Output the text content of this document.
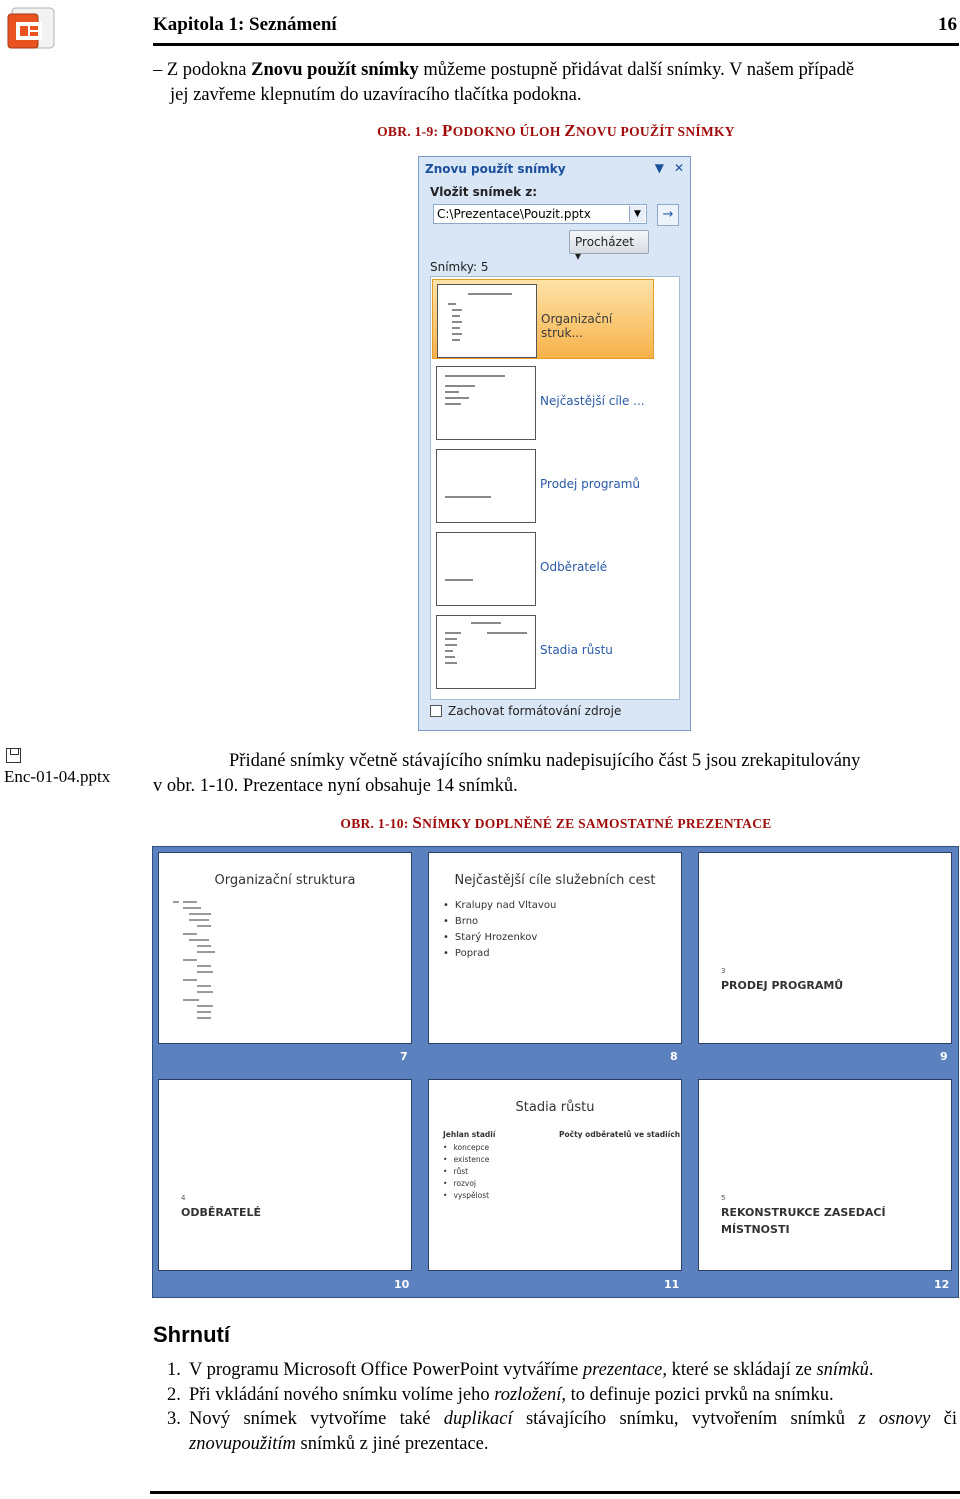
Kapitola 1: Seznámení	16
– Z podokna Znovu použít snímky můžeme postupně přidávat další snímky. V našem případě
jej zavřeme klepnutím do uzavíracího tlačítka podokna.
OBR. 1-9: PODOKNO ÚLOH ZNOVU POUŽÍT SNÍMKY
Znovu použít snímky	▼ ✕
Vložit snímek z:
C:\Prezentace\Pouzit.pptx	▼	→
Procházet ▾
Snímky: 5
Organizační struk...
Nejčastější cíle ...
Prodej programů
Odběratelé
Stadia růstu
Zachovat formátování zdroje
Enc-01-04.pptx
Přidané snímky včetně stávajícího snímku nadepisujícího část 5 jsou zrekapitulovány
v obr. 1-10. Prezentace nyní obsahuje 14 snímků.
OBR. 1-10: SNÍMKY DOPLNĚNÉ ZE SAMOSTATNÉ PREZENTACE
Organizační struktura	Nejčastější cíle služebních cest
• Kralupy nad Vltavou
• Brno
• Starý Hrozenkov
• Poprad
3
PRODEJ PROGRAMŮ
7	8	9
4
ODBĚRATELÉ
Stadia růstu
Jehlan stadií	Počty odběratelů ve stadiích
• koncepce
• existence
• růst
• rozvoj
• vyspělost	5
REKONSTRUKCE ZASEDACÍ
MÍSTNOSTI
10	11	12
Shrnutí
1. V programu Microsoft Office PowerPoint vytváříme prezentace, které se skládají ze snímků.
2. Při vkládání nového snímku volíme jeho rozložení, to definuje pozici prvků na snímku.
3. Nový snímek vytvoříme také duplikací stávajícího snímku, vytvořením snímků z osnovy či znovupoužitím snímků z jiné prezentace.
